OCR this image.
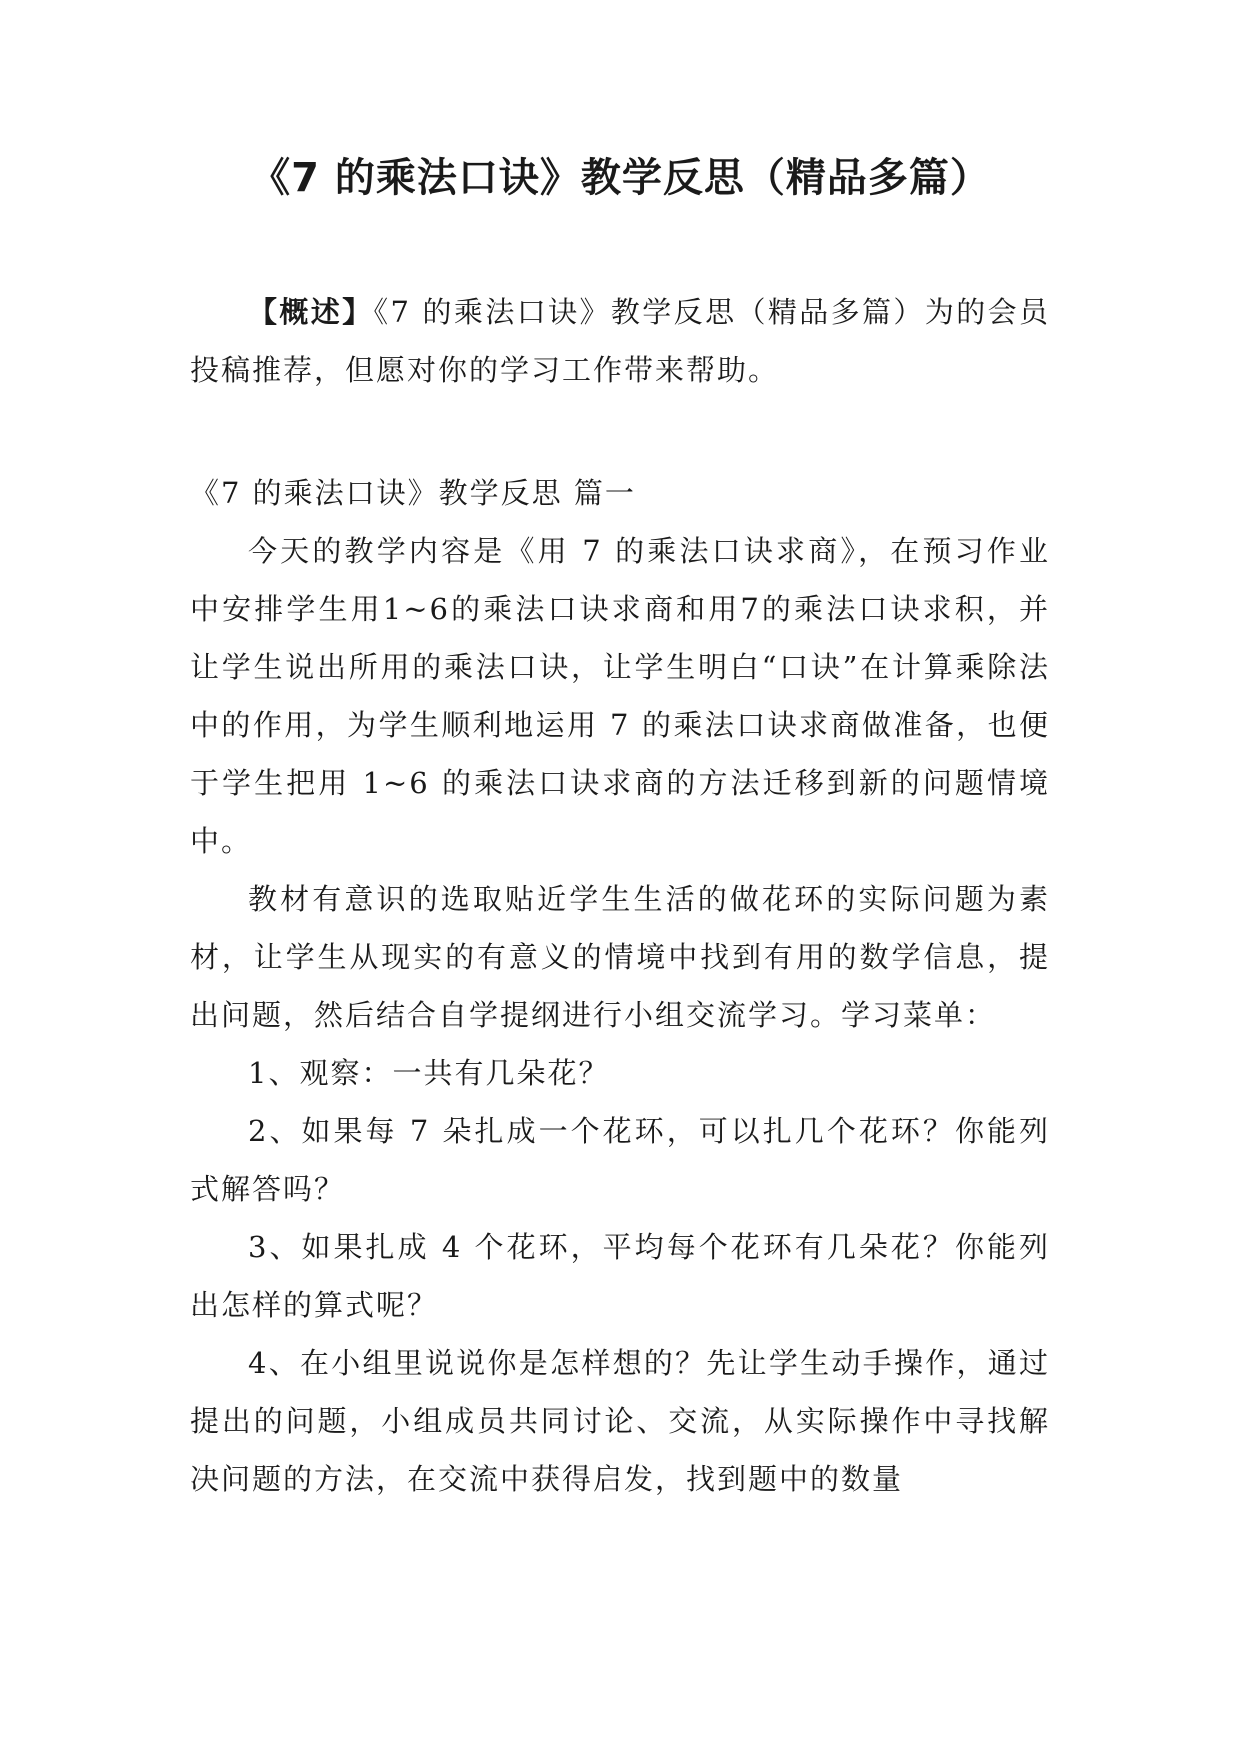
《7 的乘法口诀》教学反思（精品多篇）

【概述】《7 的乘法口诀》教学反思（精品多篇）为的会员投稿推荐，但愿对你的学习工作带来帮助。

《7 的乘法口诀》教学反思 篇一

今天的教学内容是《用 7 的乘法口诀求商》，在预习作业中安排学生用1~6的乘法口诀求商和用7的乘法口诀求积，并让学生说出所用的乘法口诀，让学生明白“口诀”在计算乘除法中的作用，为学生顺利地运用 7 的乘法口诀求商做准备，也便于学生把用 1~6 的乘法口诀求商的方法迁移到新的问题情境中。

教材有意识的选取贴近学生生活的做花环的实际问题为素材，让学生从现实的有意义的情境中找到有用的数学信息，提出问题，然后结合自学提纲进行小组交流学习。学习菜单：

1、观察：一共有几朵花？

2、如果每 7 朵扎成一个花环，可以扎几个花环？你能列式解答吗？

3、如果扎成 4 个花环，平均每个花环有几朵花？你能列出怎样的算式呢？

4、在小组里说说你是怎样想的？先让学生动手操作，通过提出的问题，小组成员共同讨论、交流，从实际操作中寻找解决问题的方法，在交流中获得启发，找到题中的数量
